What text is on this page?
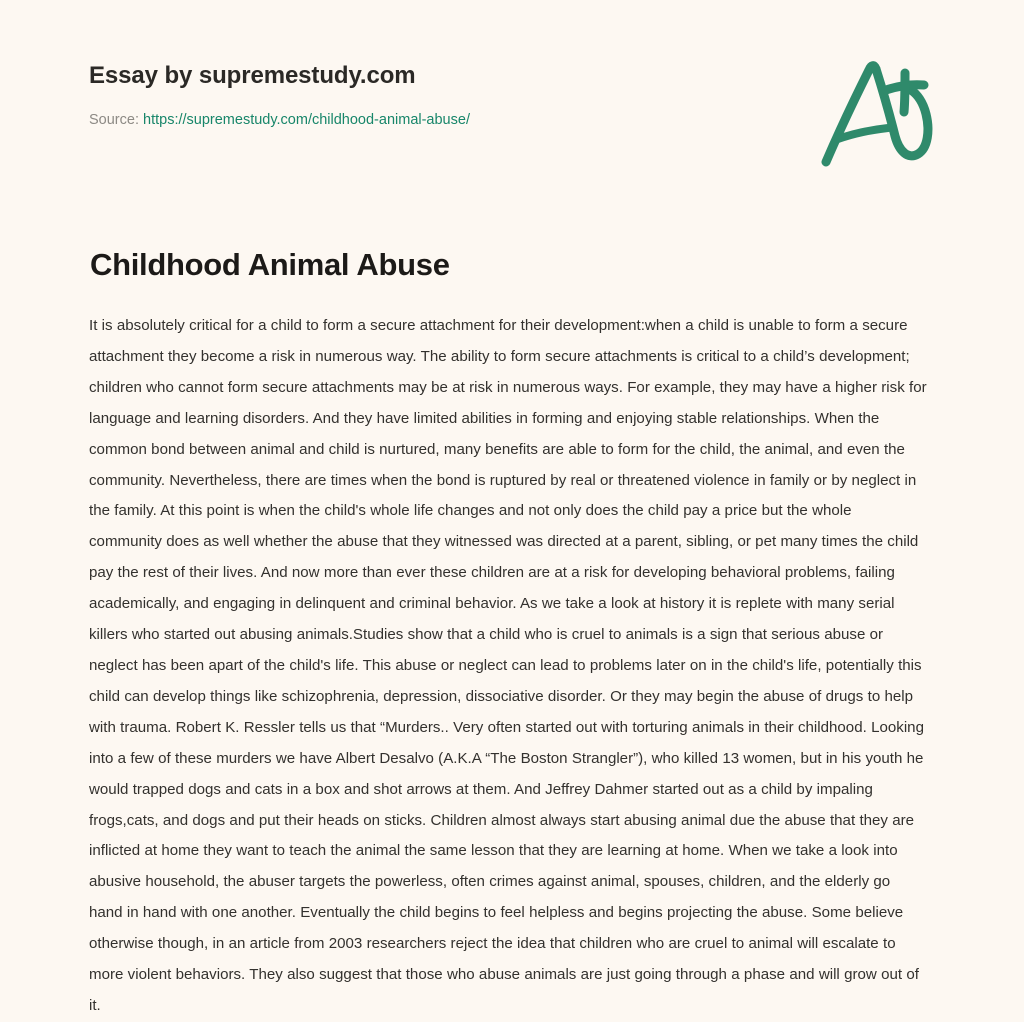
Essay by supremestudy.com
Source: https://supremestudy.com/childhood-animal-abuse/
Childhood Animal Abuse

It is absolutely critical for a child to form a secure attachment for their development:when a child is unable to form a secure attachment they become a risk in numerous way. The ability to form secure attachments is critical to a child’s development; children who cannot form secure attachments may be at risk in numerous ways. For example, they may have a higher risk for language and learning disorders. And they have limited abilities in forming and enjoying stable relationships. When the common bond between animal and child is nurtured, many benefits are able to form for the child, the animal, and even the community. Nevertheless, there are times when the bond is ruptured by real or threatened violence in family or by neglect in the family. At this point is when the child's whole life changes and not only does the child pay a price but the whole community does as well whether the abuse that they witnessed was directed at a parent, sibling, or pet many times the child pay the rest of their lives. And now more than ever these children are at a risk for developing behavioral problems, failing academically, and engaging in delinquent and criminal behavior. As we take a look at history it is replete with many serial killers who started out abusing animals.Studies show that a child who is cruel to animals is a sign that serious abuse or neglect has been apart of the child's life. This abuse or neglect can lead to problems later on in the child's life, potentially this child can develop things like schizophrenia, depression, dissociative disorder. Or they may begin the abuse of drugs to help with trauma. Robert K. Ressler tells us that “Murders.. Very often started out with torturing animals in their childhood. Looking into a few of these murders we have Albert Desalvo (A.K.A “The Boston Strangler”), who killed 13 women, but in his youth he would trapped dogs and cats in a box and shot arrows at them. And Jeffrey Dahmer started out as a child by impaling frogs,cats, and dogs and put their heads on sticks. Children almost always start abusing animal due the abuse that they are inflicted at home they want to teach the animal the same lesson that they are learning at home. When we take a look into abusive household, the abuser targets the powerless, often crimes against animal, spouses, children, and the elderly go hand in hand with one another. Eventually the child begins to feel helpless and begins projecting the abuse. Some believe otherwise though, in an article from 2003 researchers reject the idea that children who are cruel to animal will escalate to more violent behaviors. They also suggest that those who abuse animals are just going through a phase and will grow out of it.
